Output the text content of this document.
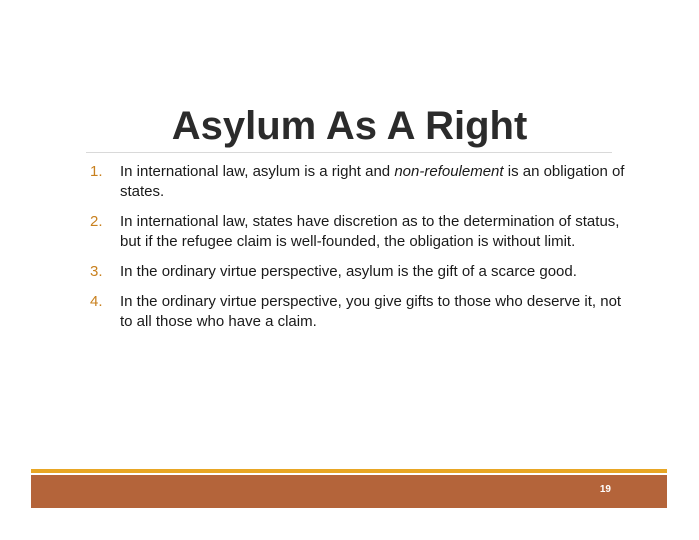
Asylum As A Right
1. In international law, asylum is a right and non-refoulement is an obligation of states.
2. In international law, states have discretion as to the determination of status, but if the refugee claim is well-founded, the obligation is without limit.
3. In the ordinary virtue perspective, asylum is the gift of a scarce good.
4. In the ordinary virtue perspective, you give gifts to those who deserve it, not to all those who have a claim.
19
